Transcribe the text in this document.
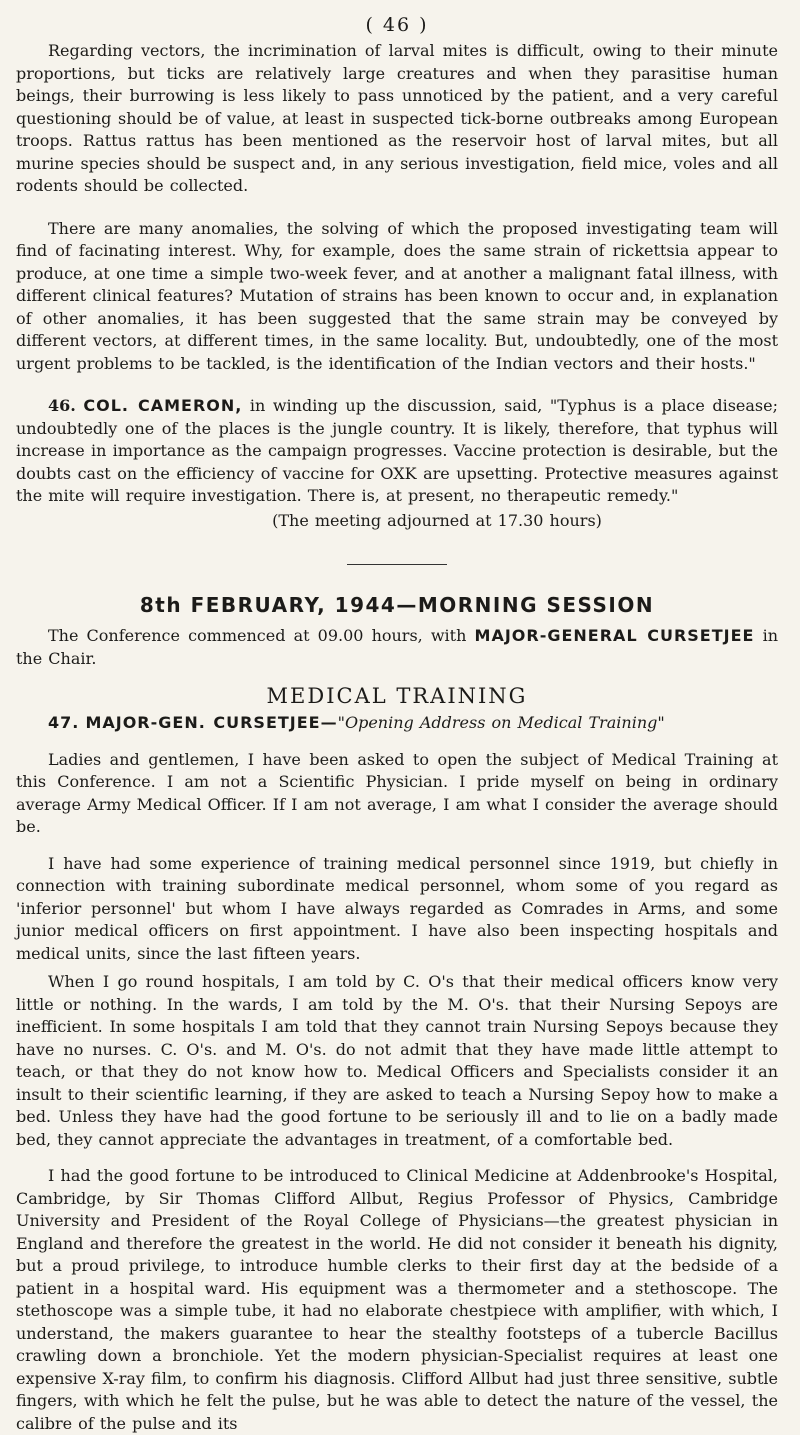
( 46 )

Regarding vectors, the incrimination of larval mites is difficult, owing to their minute proportions, but ticks are relatively large creatures and when they parasitise human beings, their burrowing is less likely to pass unnoticed by the patient, and a very careful questioning should be of value, at least in suspected tick-borne outbreaks among European troops. Rattus rattus has been mentioned as the reservoir host of larval mites, but all murine species should be suspect and, in any serious investigation, field mice, voles and all rodents should be collected.

There are many anomalies, the solving of which the proposed investigating team will find of facinating interest. Why, for example, does the same strain of rickettsia appear to produce, at one time a simple two-week fever, and at another a malignant fatal illness, with different clinical features? Mutation of strains has been known to occur and, in explanation of other anomalies, it has been suggested that the same strain may be conveyed by different vectors, at different times, in the same locality. But, undoubtedly, one of the most urgent problems to be tackled, is the identification of the Indian vectors and their hosts."

46. COL. CAMERON, in winding up the discussion, said, "Typhus is a place disease; undoubtedly one of the places is the jungle country. It is likely, therefore, that typhus will increase in importance as the campaign progresses. Vaccine protection is desirable, but the doubts cast on the efficiency of vaccine for OXK are upsetting. Protective measures against the mite will require investigation. There is, at present, no therapeutic remedy."

(The meeting adjourned at 17.30 hours)

8th FEBRUARY, 1944—MORNING SESSION

The Conference commenced at 09.00 hours, with MAJOR-GENERAL CURSETJEE in the Chair.

MEDICAL TRAINING

47. MAJOR-GEN. CURSETJEE—"Opening Address on Medical Training"

Ladies and gentlemen, I have been asked to open the subject of Medical Training at this Conference. I am not a Scientific Physician. I pride myself on being in ordinary average Army Medical Officer. If I am not average, I am what I consider the average should be.

I have had some experience of training medical personnel since 1919, but chiefly in connection with training subordinate medical personnel, whom some of you regard as 'inferior personnel' but whom I have always regarded as Comrades in Arms, and some junior medical officers on first appointment. I have also been inspecting hospitals and medical units, since the last fifteen years.

When I go round hospitals, I am told by C. O's that their medical officers know very little or nothing. In the wards, I am told by the M. O's. that their Nursing Sepoys are inefficient. In some hospitals I am told that they cannot train Nursing Sepoys because they have no nurses. C. O's. and M. O's. do not admit that they have made little attempt to teach, or that they do not know how to. Medical Officers and Specialists consider it an insult to their scientific learning, if they are asked to teach a Nursing Sepoy how to make a bed. Unless they have had the good fortune to be seriously ill and to lie on a badly made bed, they cannot appreciate the advantages in treatment, of a comfortable bed.

I had the good fortune to be introduced to Clinical Medicine at Addenbrooke's Hospital, Cambridge, by Sir Thomas Clifford Allbut, Regius Professor of Physics, Cambridge University and President of the Royal College of Physicians—the greatest physician in England and therefore the greatest in the world. He did not consider it beneath his dignity, but a proud privilege, to introduce humble clerks to their first day at the bedside of a patient in a hospital ward. His equipment was a thermometer and a stethoscope. The stethoscope was a simple tube, it had no elaborate chestpiece with amplifier, with which, I understand, the makers guarantee to hear the stealthy footsteps of a tubercle Bacillus crawling down a bronchiole. Yet the modern physician-Specialist requires at least one expensive X-ray film, to confirm his diagnosis. Clifford Allbut had just three sensitive, subtle fingers, with which he felt the pulse, but he was able to detect the nature of the vessel, the calibre of the pulse and its
